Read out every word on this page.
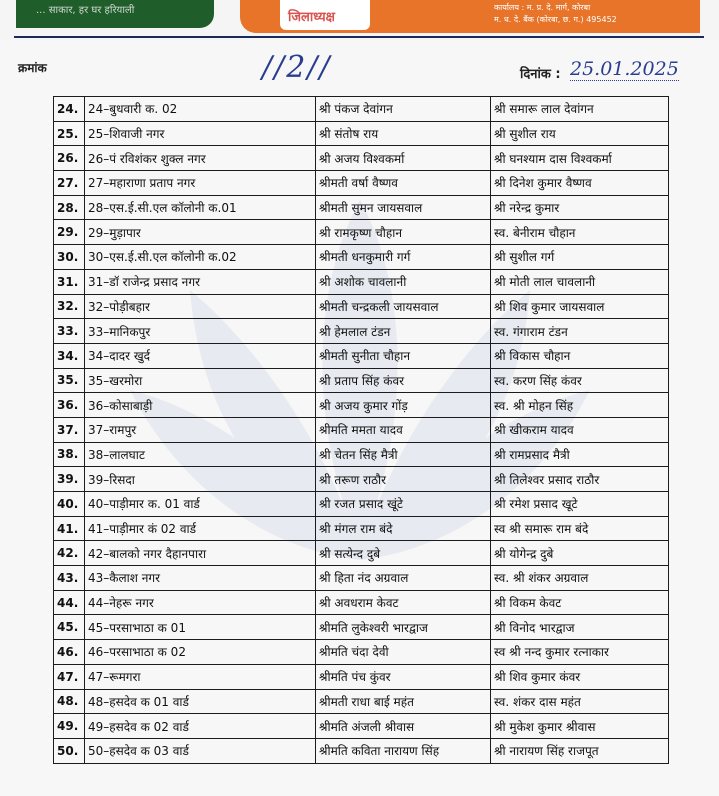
... साकार, हर घर हरियाली	जिलाध्यक्ष
कार्यालय : म. प्र. दे. मार्ग, कोरबा
म. ध. दे. बैंक (कोरबा, छ. ग.) 495452
क्रमांक	//2//	दिनांक : 25.01.2025
24.	24–बुधवारी क. 02	श्री पंकज देवांगन	श्री समारू लाल देवांगन
25.	25–शिवाजी नगर	श्री संतोष राय	श्री सुशील राय
26.	26–पं रविशंकर शुक्ल नगर	श्री अजय विश्वकर्मा	श्री घनश्याम दास विश्वकर्मा
27.	27–महाराणा प्रताप नगर	श्रीमती वर्षा वैष्णव	श्री दिनेश कुमार वैष्णव
28.	28–एस.ई.सी.एल कॉलोनी क.01	श्रीमती सुमन जायसवाल	श्री नरेन्द्र कुमार
29.	29–मुड़ापार	श्री रामकृष्ण चौहान	स्व. बेनीराम चौहान
30.	30–एस.ई.सी.एल कॉलोनी क.02	श्रीमती धनकुमारी गर्ग	श्री सुशील गर्ग
31.	31–डॉ राजेन्द्र प्रसाद नगर	श्री अशोक चावलानी	श्री मोती लाल चावलानी
32.	32–पोड़ीबहार	श्रीमती चन्द्रकली जायसवाल	श्री शिव कुमार जायसवाल
33.	33–मानिकपुर	श्री हेमलाल टंडन	स्व. गंगाराम टंडन
34.	34–दादर खुर्द	श्रीमती सुनीता चौहान	श्री विकास चौहान
35.	35–खरमोरा	श्री प्रताप सिंह कंवर	स्व. करण सिंह कंवर
36.	36–कोसाबाड़ी	श्री अजय कुमार गोंड़	स्व. श्री मोहन सिंह
37.	37–रामपुर	श्रीमति ममता यादव	श्री खीकराम यादव
38.	38–लालघाट	श्री चेतन सिंह मैत्री	श्री रामप्रसाद मैत्री
39.	39–रिसदा	श्री तरूण राठौर	श्री तिलेश्वर प्रसाद राठौर
40.	40–पाड़ीमार क. 01 वार्ड	श्री रजत प्रसाद खूंटे	श्री रमेश प्रसाद खूटे
41.	41–पाड़ीमार कं 02 वार्ड	श्री मंगल राम बंदे	स्व श्री समारू राम बंदे
42.	42–बालको नगर दैहानपारा	श्री सत्येन्द दुबे	श्री योगेन्द्र दुबे
43.	43–कैलाश नगर	श्री हिता नंद अग्रवाल	स्व. श्री शंकर अग्रवाल
44.	44–नेहरू नगर	श्री अवधराम केवट	श्री विकम केवट
45.	45–परसाभाठा क 01	श्रीमति लुकेश्वरी भारद्वाज	श्री विनोद भारद्वाज
46.	46–परसाभाठा क 02	श्रीमति चंदा देवी	स्व श्री नन्द कुमार रत्नाकार
47.	47–रूमगरा	श्रीमति पंच कुंवर	श्री शिव कुमार कंवर
48.	48–हसदेव क 01 वार्ड	श्रीमती राधा बाई महंत	स्व. शंकर दास महंत
49.	49–हसदेव क 02 वार्ड	श्रीमति अंजली श्रीवास	श्री मुकेश कुमार श्रीवास
50.	50–हसदेव क 03 वार्ड	श्रीमति कविता नारायण सिंह	श्री नारायण सिंह राजपूत
